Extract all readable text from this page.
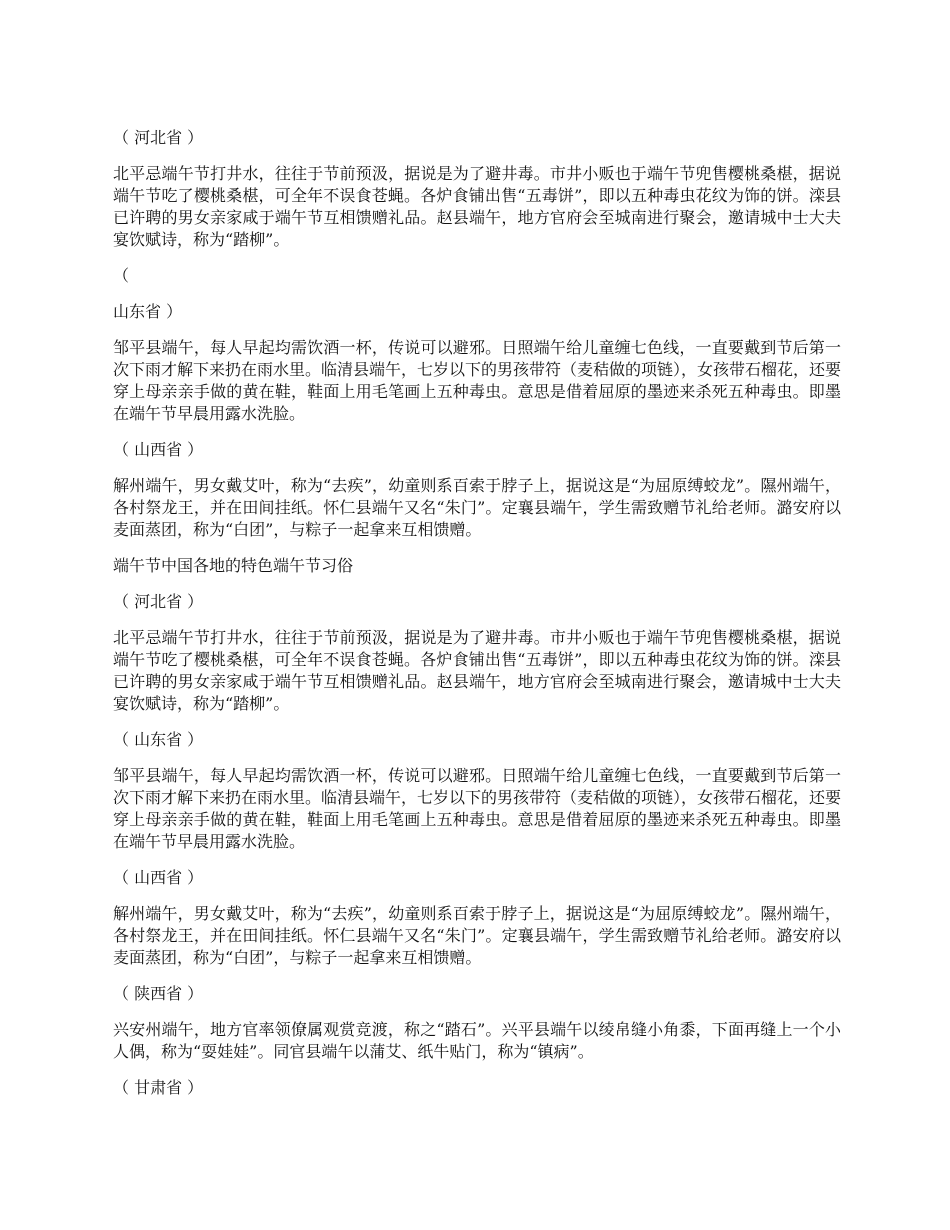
（ 河北省 ）

北平忌端午节打井水，往往于节前预汲，据说是为了避井毒。市井小贩也于端午节兜售樱桃桑椹，据说端午节吃了樱桃桑椹，可全年不误食苍蝇。各炉食铺出售“五毒饼”，即以五种毒虫花纹为饰的饼。滦县已许聘的男女亲家咸于端午节互相馈赠礼品。赵县端午，地方官府会至城南进行聚会，邀请城中士大夫宴饮赋诗，称为“踏柳”。

（

山东省 ）

邹平县端午，每人早起均需饮酒一杯，传说可以避邪。日照端午给儿童缠七色线，一直要戴到节后第一次下雨才解下来扔在雨水里。临清县端午，七岁以下的男孩带符（麦秸做的项链），女孩带石榴花，还要穿上母亲亲手做的黄在鞋，鞋面上用毛笔画上五种毒虫。意思是借着屈原的墨迹来杀死五种毒虫。即墨在端午节早晨用露水洗脸。

（ 山西省 ）

解州端午，男女戴艾叶，称为“去疾”，幼童则系百索于脖子上，据说这是“为屈原缚蛟龙”。隰州端午，各村祭龙王，并在田间挂纸。怀仁县端午又名“朱门”。定襄县端午，学生需致赠节礼给老师。潞安府以麦面蒸团，称为“白团”，与粽子一起拿来互相馈赠。

端午节中国各地的特色端午节习俗

（ 河北省 ）

北平忌端午节打井水，往往于节前预汲，据说是为了避井毒。市井小贩也于端午节兜售樱桃桑椹，据说端午节吃了樱桃桑椹，可全年不误食苍蝇。各炉食铺出售“五毒饼”，即以五种毒虫花纹为饰的饼。滦县已许聘的男女亲家咸于端午节互相馈赠礼品。赵县端午，地方官府会至城南进行聚会，邀请城中士大夫宴饮赋诗，称为“踏柳”。

（ 山东省 ）

邹平县端午，每人早起均需饮酒一杯，传说可以避邪。日照端午给儿童缠七色线，一直要戴到节后第一次下雨才解下来扔在雨水里。临清县端午，七岁以下的男孩带符（麦秸做的项链），女孩带石榴花，还要穿上母亲亲手做的黄在鞋，鞋面上用毛笔画上五种毒虫。意思是借着屈原的墨迹来杀死五种毒虫。即墨在端午节早晨用露水洗脸。

（ 山西省 ）

解州端午，男女戴艾叶，称为“去疾”，幼童则系百索于脖子上，据说这是“为屈原缚蛟龙”。隰州端午，各村祭龙王，并在田间挂纸。怀仁县端午又名“朱门”。定襄县端午，学生需致赠节礼给老师。潞安府以麦面蒸团，称为“白团”，与粽子一起拿来互相馈赠。

（ 陕西省 ）

兴安州端午，地方官率领僚属观赏竞渡，称之“踏石”。兴平县端午以绫帛缝小角黍，下面再缝上一个小人偶，称为“耍娃娃”。同官县端午以蒲艾、纸牛贴门，称为“镇病”。

（ 甘肃省 ）
